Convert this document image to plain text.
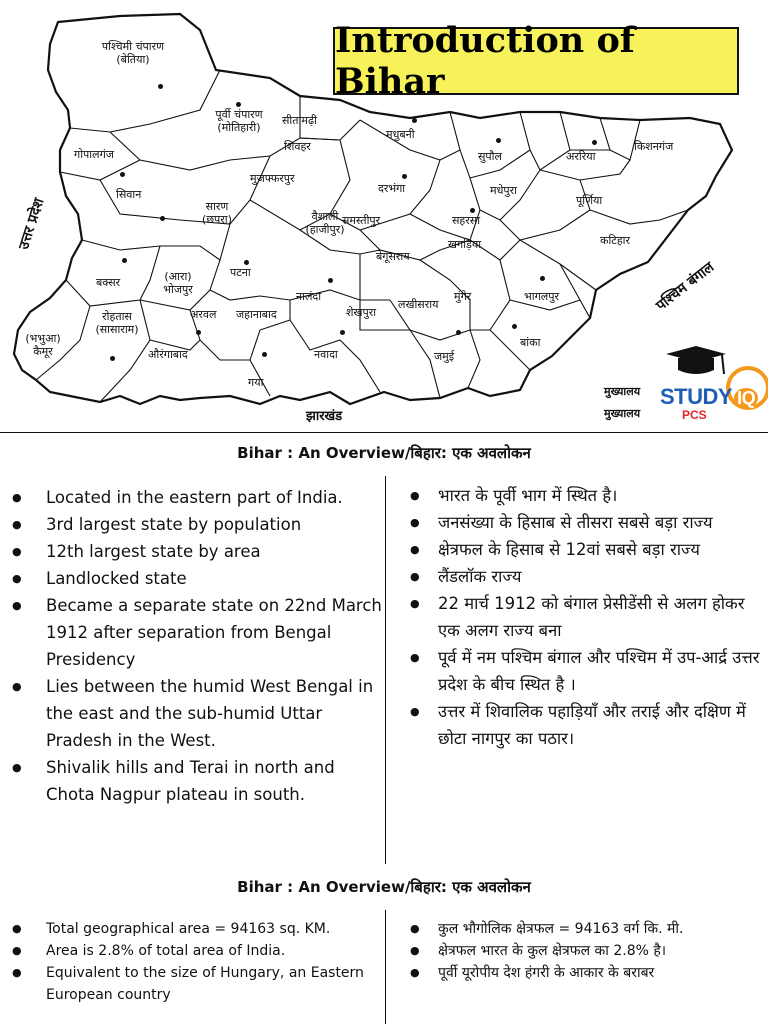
Introduction of Bihar
उत्तर प्रदेश
पश्चिम बंगाल
झारखंड
पश्चिमी चंपारण (बेतिया)
पूर्वी चंपारण (मोतिहारी)
सीतामढ़ी
शिवहर
मधुबनी
सुपौल	अररिया
किशनगंज
गोपालगंज
मुजफ्फरपुर
दरभंगा	मधेपुरा
पूर्णिया
सिवान
सारण (छपरा)	वैशाली (हाजीपुर)
समस्तीपुर	सहरसा
खगड़िया	कटिहार
बेगूसराय
बक्सर	(आरा) भोजपुर
पटना
नालंदा	मुंगेर	भागलपुर
रोहतास (सासाराम)
अरवल जहानाबाद	शेखपुरा
लखीसराय
(भभुआ) कैमूर	औरंगाबाद
गया
नवादा	जमुई
बांका
मुख्यालय
मुख्यालय
STUDY IQ
PCS
Bihar : An Overview/बिहार: एक अवलोकन
● Located in the eastern part of India.
● 3rd largest state by population
● 12th largest state by area
● Landlocked state
● Became a separate state on 22nd March 1912 after separation from Bengal Presidency
● Lies between the humid West Bengal in the east and the sub-humid Uttar Pradesh in the West.
● Shivalik hills and Terai in north and Chota Nagpur plateau in south.
● भारत के पूर्वी भाग में स्थित है।
● जनसंख्या के हिसाब से तीसरा सबसे बड़ा राज्य
● क्षेत्रफल के हिसाब से 12वां सबसे बड़ा राज्य
● लैंडलॉक राज्य
● 22 मार्च 1912 को बंगाल प्रेसीडेंसी से अलग होकर एक अलग राज्य बना
● पूर्व में नम पश्चिम बंगाल और पश्चिम में उप-आर्द्र उत्तर प्रदेश के बीच स्थित है ।
● उत्तर में शिवालिक पहाड़ियाँ और तराई और दक्षिण में छोटा नागपुर का पठार।
Bihar : An Overview/बिहार: एक अवलोकन
● Total geographical area = 94163 sq. KM.
● Area is 2.8% of total area of India.
● Equivalent to the size of Hungary, an Eastern European country
● कुल भौगोलिक क्षेत्रफल = 94163 वर्ग कि. मी.
● क्षेत्रफल भारत के कुल क्षेत्रफल का 2.8% है।
● पूर्वी यूरोपीय देश हंगरी के आकार के बराबर
